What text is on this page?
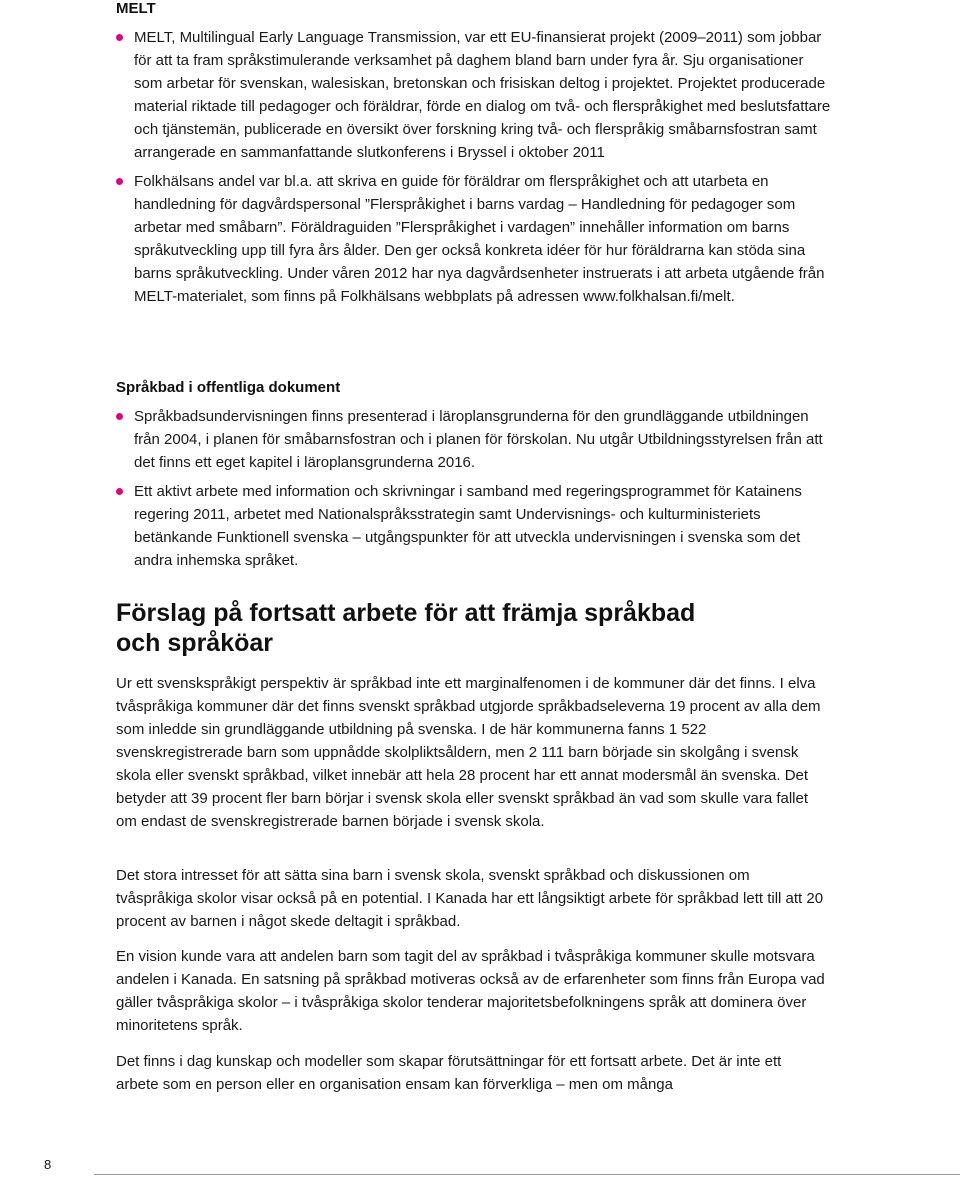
MELT
MELT, Multilingual Early Language Transmission, var ett EU-finansierat projekt (2009–2011) som jobbar för att ta fram språkstimulerande verksamhet på daghem bland barn under fyra år. Sju organisationer som arbetar för svenskan, walesiskan, bretonskan och frisiskan deltog i projektet. Projektet producerade material riktade till pedagoger och föräldrar, förde en dialog om två- och flerspråkighet med beslutsfattare och tjänstemän, publicerade en översikt över forskning kring två- och flerspråkig småbarnsfostran samt arrangerade en sammanfattande slutkonferens i Bryssel i oktober 2011
Folkhälsans andel var bl.a. att skriva en guide för föräldrar om flerspråkighet och att utarbeta en handledning för dagvårdspersonal ”Flerspråkighet i barns vardag – Handledning för pedagoger som arbetar med småbarn”. Föräldraguiden ”Flerspråkighet i vardagen” innehåller information om barns språkutveckling upp till fyra års ålder. Den ger också konkreta idéer för hur föräldrarna kan stöda sina barns språkutveckling. Under våren 2012 har nya dagvårdsenheter instruerats i att arbeta utgående från MELT-materialet, som finns på Folkhälsans webbplats på adressen www.folkhalsan.fi/melt.
Språkbad i offentliga dokument
Språkbadsundervisningen finns presenterad i läroplansgrunderna för den grundläggande utbildningen från 2004, i planen för småbarnsfostran och i planen för förskolan. Nu utgår Utbildningsstyrelsen från att det finns ett eget kapitel i läroplansgrunderna 2016.
Ett aktivt arbete med information och skrivningar i samband med regeringsprogrammet för Katainens regering 2011, arbetet med Nationalspråksstrategin samt Undervisnings- och kulturministeriets betänkande Funktionell svenska – utgångspunkter för att utveckla undervisningen i svenska som det andra inhemska språket.
Förslag på fortsatt arbete för att främja språkbad och språköar

Ur ett svenskspråkigt perspektiv är språkbad inte ett marginalfenomen i de kommuner där det finns. I elva tvåspråkiga kommuner där det finns svenskt språkbad utgjorde språkbadseleverna 19 procent av alla dem som inledde sin grundläggande utbildning på svenska. I de här kommunerna fanns 1 522 svenskregistrerade barn som uppnådde skolpliktsåldern, men 2 111 barn började sin skolgång i svensk skola eller svenskt språkbad, vilket innebär att hela 28 procent har ett annat modersmål än svenska. Det betyder att 39 procent fler barn börjar i svensk skola eller svenskt språkbad än vad som skulle vara fallet om endast de svenskregistrerade barnen började i svensk skola.

Det stora intresset för att sätta sina barn i svensk skola, svenskt språkbad och diskussionen om tvåspråkiga skolor visar också på en potential. I Kanada har ett långsiktigt arbete för språkbad lett till att 20 procent av barnen i något skede deltagit i språkbad.

En vision kunde vara att andelen barn som tagit del av språkbad i tvåspråkiga kommuner skulle motsvara andelen i Kanada. En satsning på språkbad motiveras också av de erfarenheter som finns från Europa vad gäller tvåspråkiga skolor – i tvåspråkiga skolor tenderar majoritetsbefolkningens språk att dominera över minoritetens språk.

Det finns i dag kunskap och modeller som skapar förutsättningar för ett fortsatt arbete. Det är inte ett arbete som en person eller en organisation ensam kan förverkliga – men om många

8
